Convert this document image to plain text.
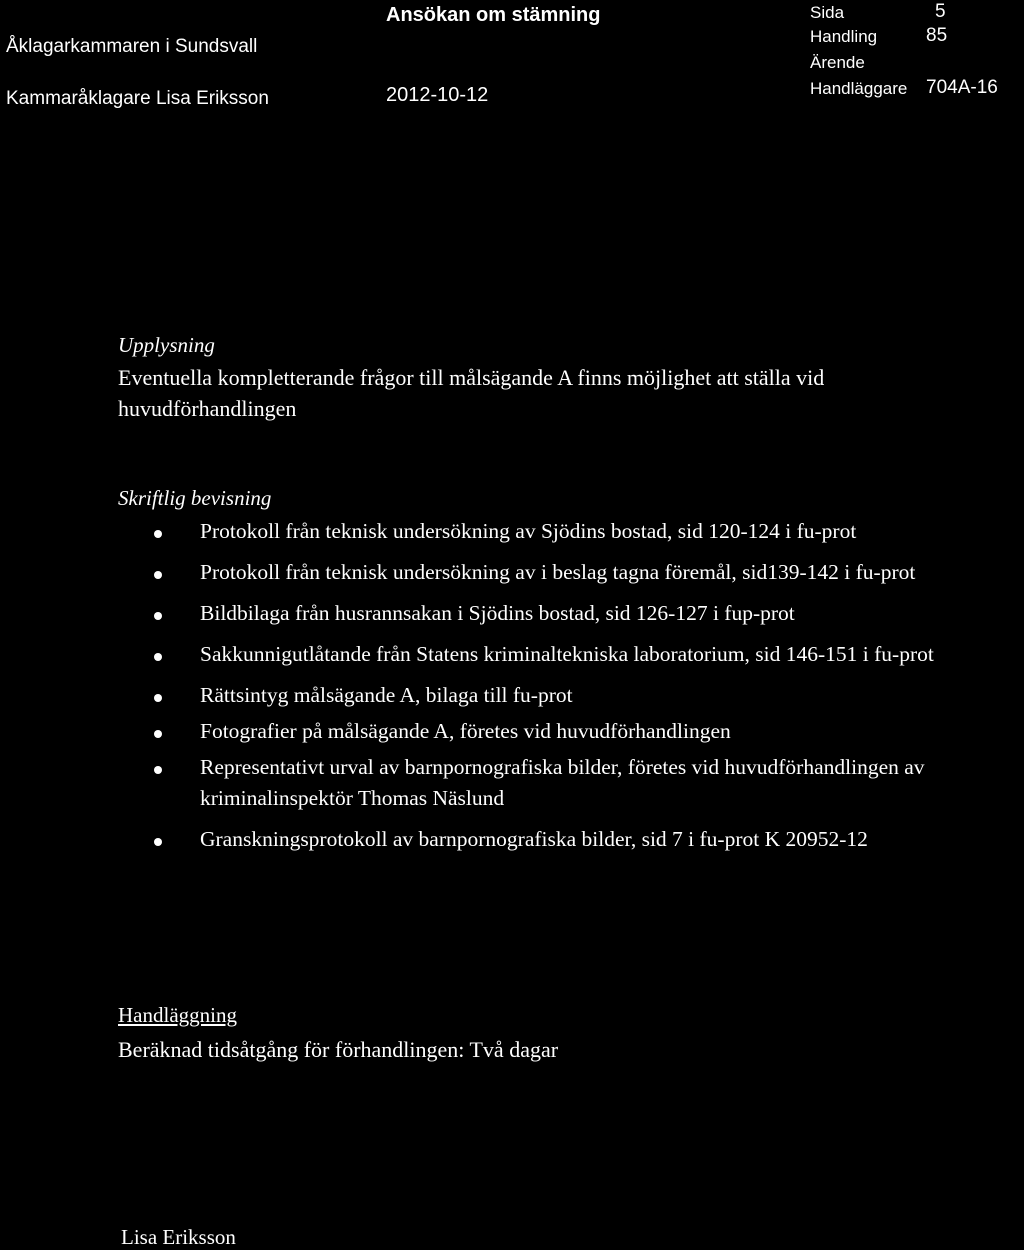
Åklagarkammaren i Sundsvall
Kammaråklagare Lisa Eriksson
Ansökan om stämning
2012-10-12
Sida	5
Handling	85
Ärende
Handläggare 704A-16
Upplysning
Eventuella kompletterande frågor till målsägande A finns möjlighet att ställa vid huvudförhandlingen
Skriftlig bevisning
Protokoll från teknisk undersökning av Sjödins bostad, sid 120-124 i fu-prot
Protokoll från teknisk undersökning av i beslag tagna föremål, sid139-142 i fu-prot
Bildbilaga från husrannsakan i Sjödins bostad, sid 126-127 i fup-prot
Sakkunnigutlåtande från Statens kriminaltekniska laboratorium, sid 146-151 i fu-prot
Rättsintyg målsägande A, bilaga till fu-prot
Fotografier på målsägande A, företes vid huvudförhandlingen
Representativt urval av barnpornografiska bilder, företes vid huvudförhandlingen av kriminalinspektör Thomas Näslund
Granskningsprotokoll av barnpornografiska bilder, sid 7 i fu-prot K 20952-12
Handläggning
Beräknad tidsåtgång för förhandlingen: Två dagar
Lisa Eriksson
